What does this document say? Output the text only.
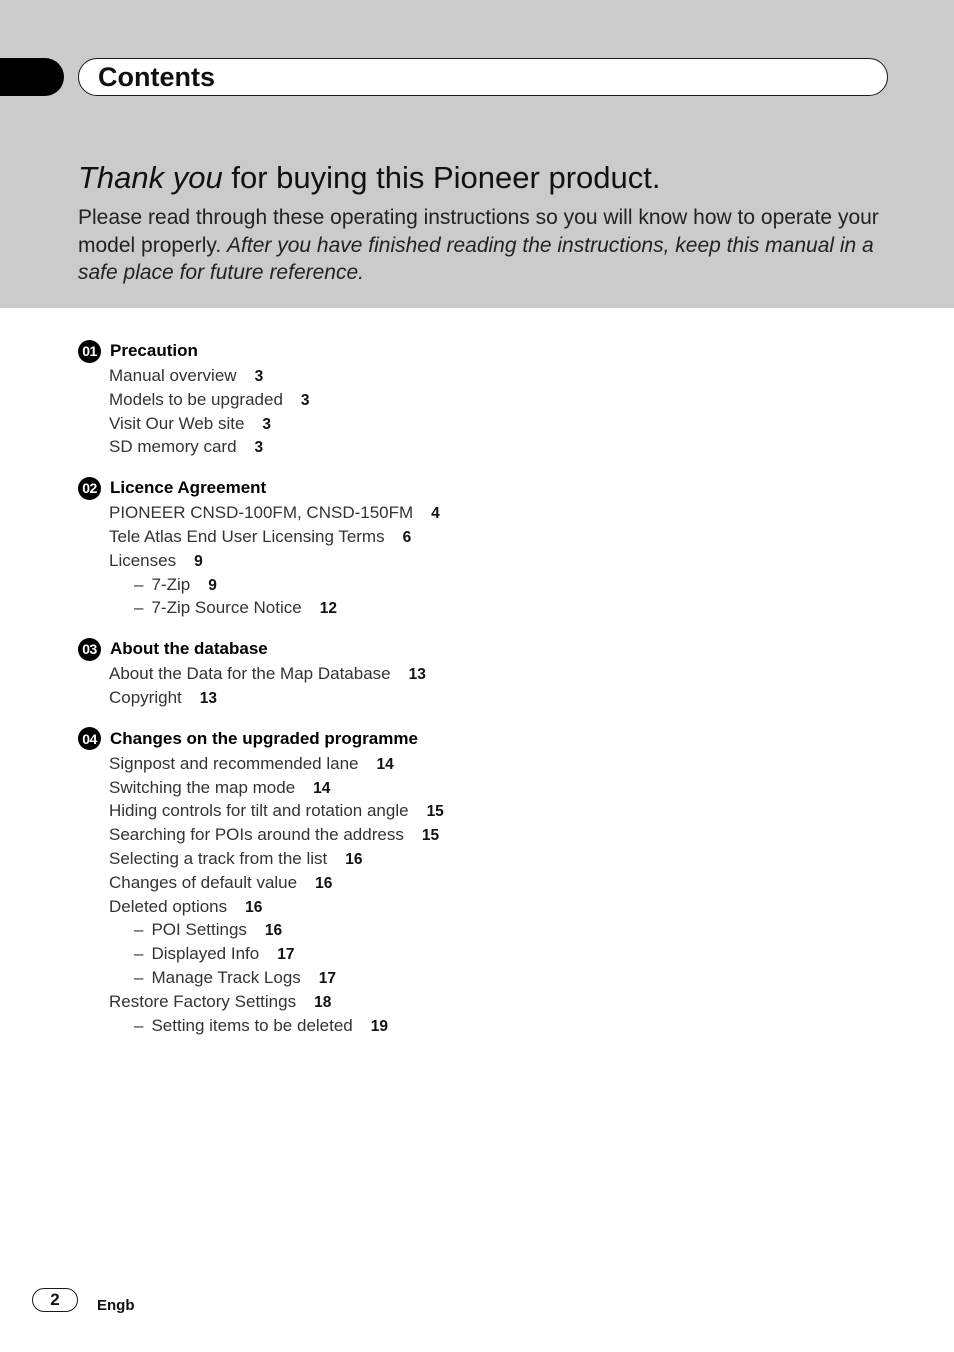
Contents
Thank you for buying this Pioneer product.

Please read through these operating instructions so you will know how to operate your model properly. After you have finished reading the instructions, keep this manual in a safe place for future reference.

01 Precaution
Manual overview 3
Models to be upgraded 3
Visit Our Web site 3
SD memory card 3
02 Licence Agreement
PIONEER CNSD-100FM, CNSD-150FM 4
Tele Atlas End User Licensing Terms 6
Licenses 9
– 7-Zip 9
– 7-Zip Source Notice 12
03 About the database
About the Data for the Map Database 13
Copyright 13
04 Changes on the upgraded programme
Signpost and recommended lane 14
Switching the map mode 14
Hiding controls for tilt and rotation angle 15
Searching for POIs around the address 15
Selecting a track from the list 16
Changes of default value 16
Deleted options 16
– POI Settings 16
– Displayed Info 17
– Manage Track Logs 17
Restore Factory Settings 18
– Setting items to be deleted 19
2	Engb
